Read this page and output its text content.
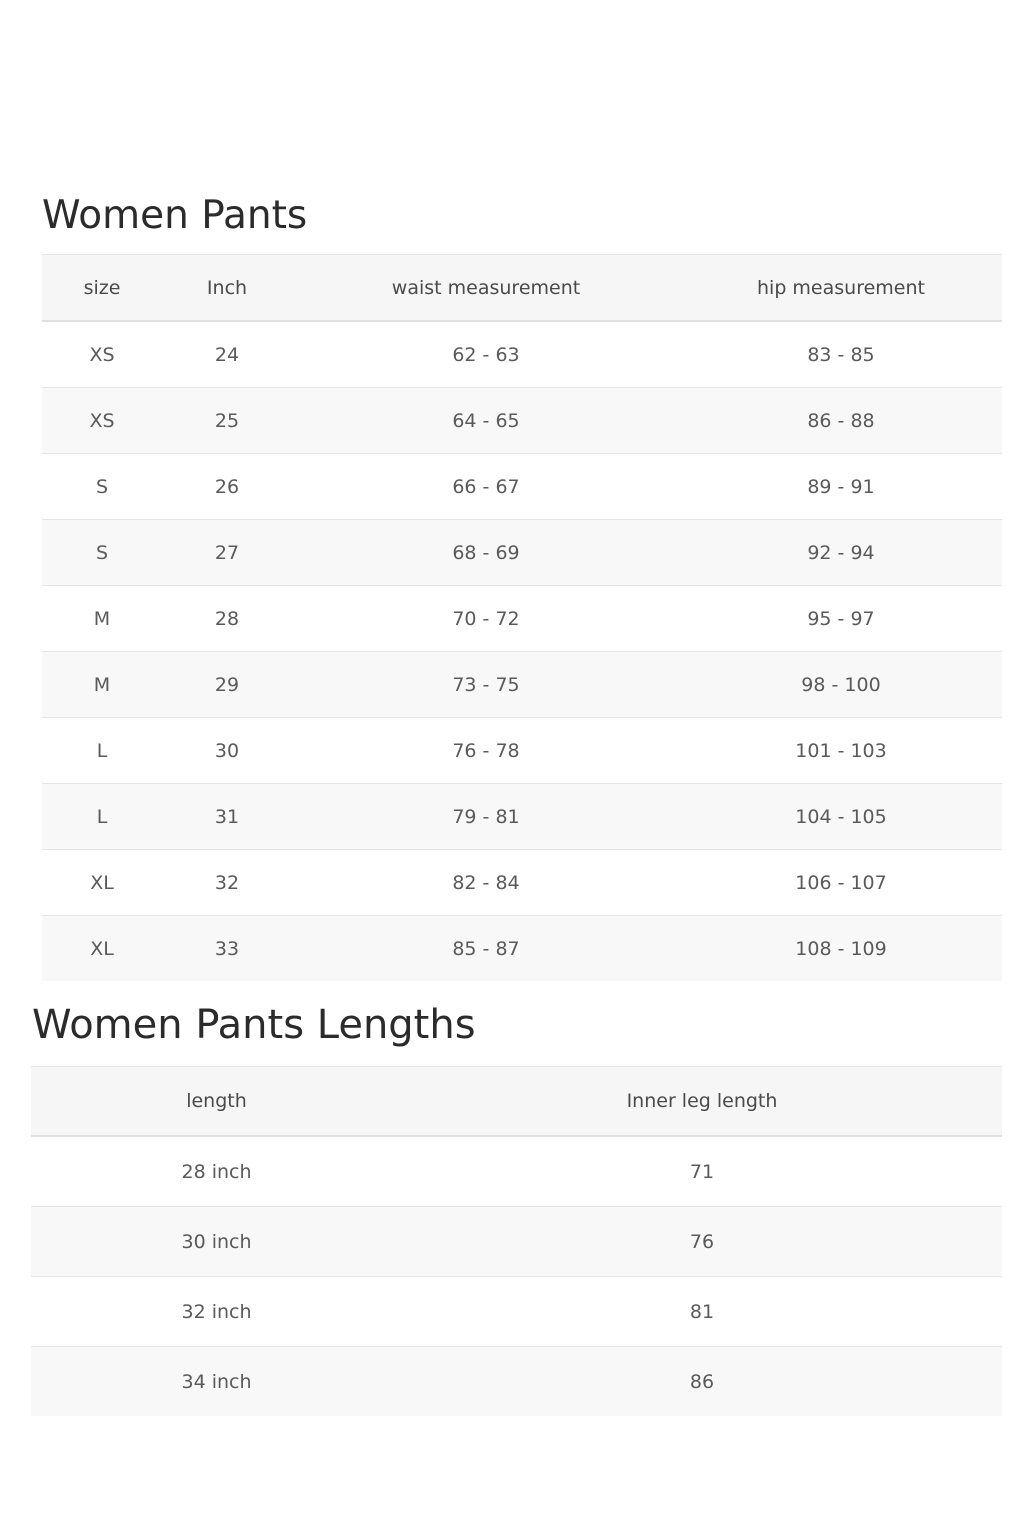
Women Pants
size	Inch	waist measurement	hip measurement
XS	24	62 - 63	83 - 85
XS	25	64 - 65	86 - 88
S	26	66 - 67	89 - 91
S	27	68 - 69	92 - 94
M	28	70 - 72	95 - 97
M	29	73 - 75	98 - 100
L	30	76 - 78	101 - 103
L	31	79 - 81	104 - 105
XL	32	82 - 84	106 - 107
XL	33	85 - 87	108 - 109
Women Pants Lengths
length	Inner leg length
28 inch	71
30 inch	76
32 inch	81
34 inch	86
